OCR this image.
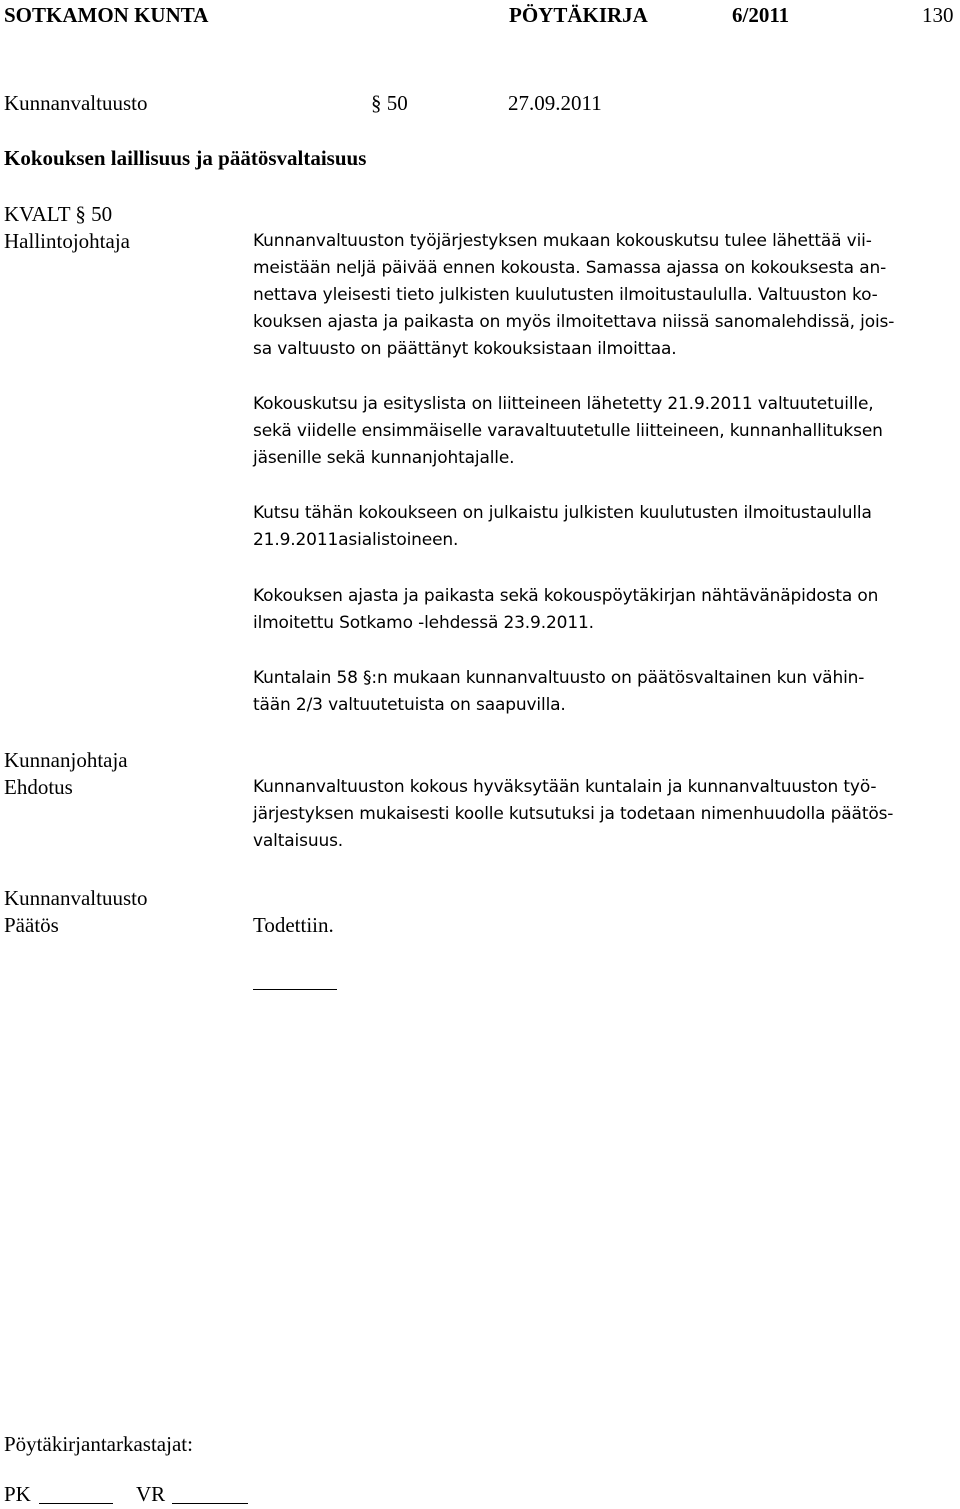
SOTKAMON KUNTA	PÖYTÄKIRJA	6/2011	130
Kunnanvaltuusto	§ 50	27.09.2011
Kokouksen laillisuus ja päätösvaltaisuus
KVALT § 50
Hallintojohtaja	Kunnanvaltuuston työjärjestyksen mukaan kokouskutsu tulee lähettää vii-
meistään neljä päivää ennen kokousta. Samassa ajassa on kokouksesta an-
nettava yleisesti tieto julkisten kuulutusten ilmoitustaululla. Valtuuston ko-
kouksen ajasta ja paikasta on myös ilmoitettava niissä sanomalehdissä, jois-
sa valtuusto on päättänyt kokouksistaan ilmoittaa.
Kokouskutsu ja esityslista on liitteineen lähetetty 21.9.2011 valtuutetuille,
sekä viidelle ensimmäiselle varavaltuutetulle liitteineen, kunnanhallituksen
jäsenille sekä kunnanjohtajalle.
Kutsu tähän kokoukseen on julkaistu julkisten kuulutusten ilmoitustaululla
21.9.2011asialistoineen.
Kokouksen ajasta ja paikasta sekä kokouspöytäkirjan nähtävänäpidosta on
ilmoitettu Sotkamo -lehdessä 23.9.2011.
Kuntalain 58 §:n mukaan kunnanvaltuusto on päätösvaltainen kun vähin-
tään 2/3 valtuutetuista on saapuvilla.
Kunnanjohtaja
Ehdotus	Kunnanvaltuuston kokous hyväksytään kuntalain ja kunnanvaltuuston työ-
järjestyksen mukaisesti koolle kutsutuksi ja todetaan nimenhuudolla päätös-
valtaisuus.
Kunnanvaltuusto
Päätös	Todettiin.
Pöytäkirjantarkastajat:
PK	VR
